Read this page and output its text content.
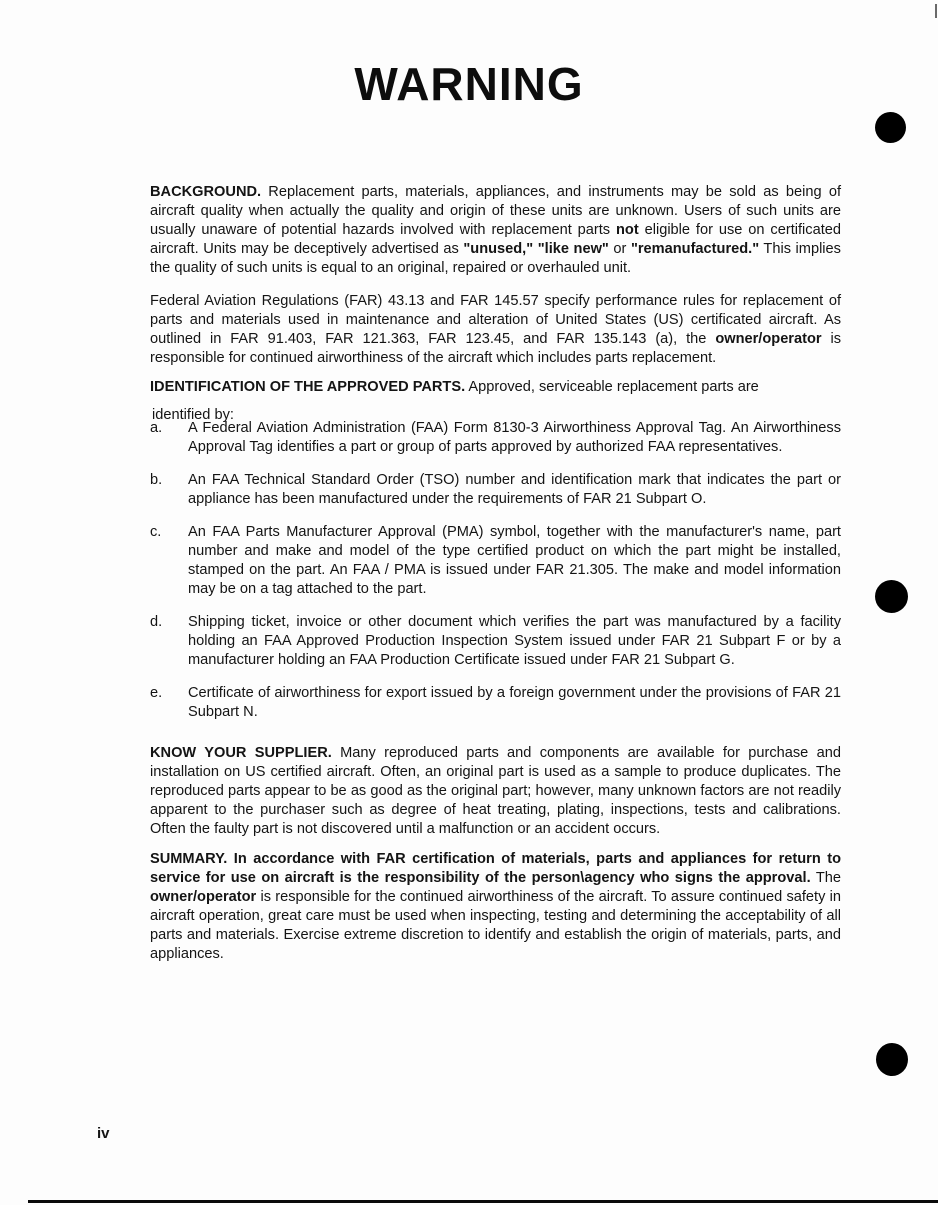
WARNING

BACKGROUND. Replacement parts, materials, appliances, and instruments may be sold as being of aircraft quality when actually the quality and origin of these units are unknown. Users of such units are usually unaware of potential hazards involved with replacement parts not eligible for use on certificated aircraft. Units may be deceptively advertised as "unused," "like new" or "remanufactured." This implies the quality of such units is equal to an original, repaired or overhauled unit.

Federal Aviation Regulations (FAR) 43.13 and FAR 145.57 specify performance rules for replacement of parts and materials used in maintenance and alteration of United States (US) certificated aircraft. As outlined in FAR 91.403, FAR 121.363, FAR 123.45, and FAR 135.143 (a), the owner/operator is responsible for continued airworthiness of the aircraft which includes parts replacement.

IDENTIFICATION OF THE APPROVED PARTS. Approved, serviceable replacement parts are

identified by:

a.	A Federal Aviation Administration (FAA) Form 8130-3 Airworthiness Approval Tag. An Airworthiness Approval Tag identifies a part or group of parts approved by authorized FAA representatives.
b.	An FAA Technical Standard Order (TSO) number and identification mark that indicates the part or appliance has been manufactured under the requirements of FAR 21 Subpart O.
c.	An FAA Parts Manufacturer Approval (PMA) symbol, together with the manufacturer's name, part number and make and model of the type certified product on which the part might be installed, stamped on the part. An FAA / PMA is issued under FAR 21.305. The make and model information may be on a tag attached to the part.
d.	Shipping ticket, invoice or other document which verifies the part was manufactured by a facility holding an FAA Approved Production Inspection System issued under FAR 21 Subpart F or by a manufacturer holding an FAA Production Certificate issued under FAR 21 Subpart G.
e.	Certificate of airworthiness for export issued by a foreign government under the provisions of FAR 21 Subpart N.

KNOW YOUR SUPPLIER. Many reproduced parts and components are available for purchase and installation on US certified aircraft. Often, an original part is used as a sample to produce duplicates. The reproduced parts appear to be as good as the original part; however, many unknown factors are not readily apparent to the purchaser such as degree of heat treating, plating, inspections, tests and calibrations. Often the faulty part is not discovered until a malfunction or an accident occurs.

SUMMARY. In accordance with FAR certification of materials, parts and appliances for return to service for use on aircraft is the responsibility of the person\agency who signs the approval. The owner/operator is responsible for the continued airworthiness of the aircraft. To assure continued safety in aircraft operation, great care must be used when inspecting, testing and determining the acceptability of all parts and materials. Exercise extreme discretion to identify and establish the origin of materials, parts, and appliances.

iv
